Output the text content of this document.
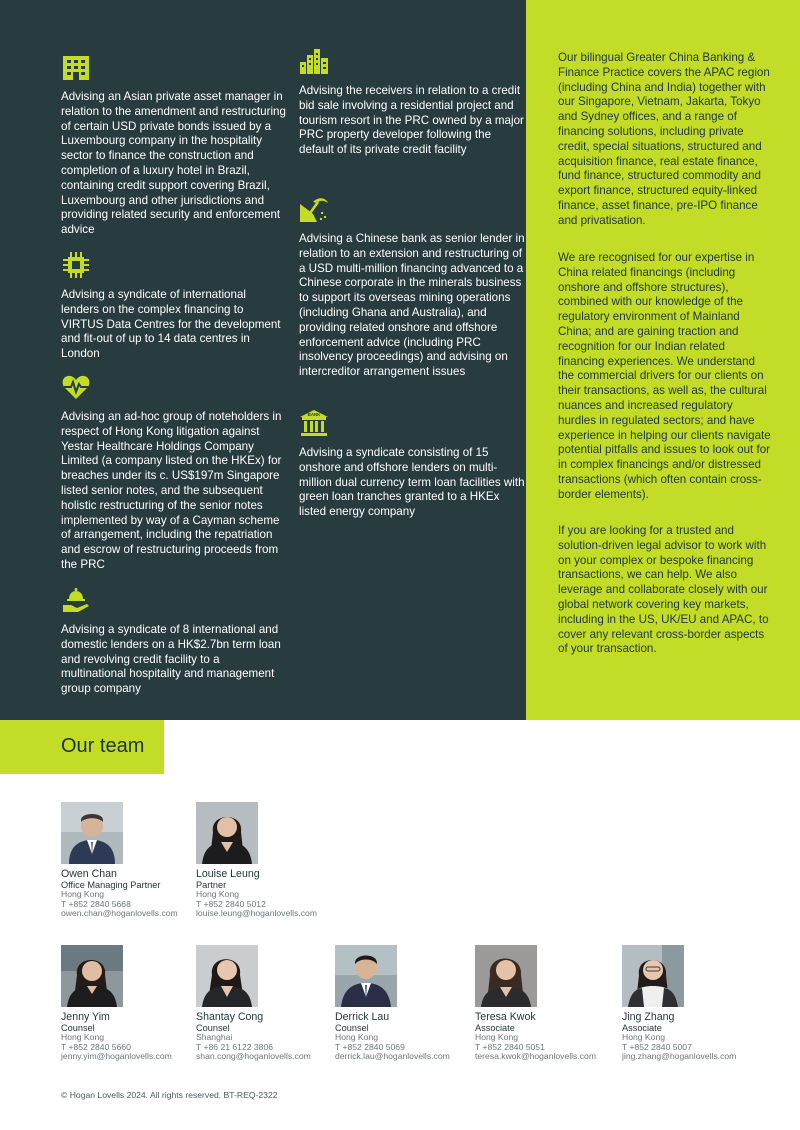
Advising an Asian private asset manager in relation to the amendment and restructuring of certain USD private bonds issued by a Luxembourg company in the hospitality sector to finance the construction and completion of a luxury hotel in Brazil, containing credit support covering Brazil, Luxembourg and other jurisdictions and providing related security and enforcement advice

Advising a syndicate of international lenders on the complex financing to VIRTUS Data Centres for the development and fit-out of up to 14 data centres in London

Advising an ad-hoc group of noteholders in respect of Hong Kong litigation against Yestar Healthcare Holdings Company Limited (a company listed on the HKEx) for breaches under its c. US$197m Singapore listed senior notes, and the subsequent holistic restructuring of the senior notes implemented by way of a Cayman scheme of arrangement, including the repatriation and escrow of restructuring proceeds from the PRC

Advising a syndicate of 8 international and domestic lenders on a HK$2.7bn term loan and revolving credit facility to a multinational hospitality and management group company

Advising the receivers in relation to a credit bid sale involving a residential project and tourism resort in the PRC owned by a major PRC property developer following the default of its private credit facility

Advising a Chinese bank as senior lender in relation to an extension and restructuring of a USD multi-million financing advanced to a Chinese corporate in the minerals business to support its overseas mining operations (including Ghana and Australia), and providing related onshore and offshore enforcement advice (including PRC insolvency proceedings) and advising on intercreditor arrangement issues

BANK

Advising a syndicate consisting of 15 onshore and offshore lenders on multi-million dual currency term loan facilities with green loan tranches granted to a HKEx listed energy company

Our bilingual Greater China Banking & Finance Practice covers the APAC region (including China and India) together with our Singapore, Vietnam, Jakarta, Tokyo and Sydney offices, and a range of financing solutions, including private credit, special situations, structured and acquisition finance, real estate finance, fund finance, structured commodity and export finance, structured equity-linked finance, asset finance, pre-IPO finance and privatisation.

We are recognised for our expertise in China related financings (including onshore and offshore structures), combined with our knowledge of the regulatory environment of Mainland China; and are gaining traction and recognition for our Indian related financing experiences. We understand the commercial drivers for our clients on their transactions, as well as, the cultural nuances and increased regulatory hurdles in regulated sectors; and have experience in helping our clients navigate potential pitfalls and issues to look out for in complex financings and/or distressed transactions (which often contain cross-border elements).

If you are looking for a trusted and solution-driven legal advisor to work with on your complex or bespoke financing transactions, we can help. We also leverage and collaborate closely with our global network covering key markets, including in the US, UK/EU and APAC, to cover any relevant cross-border aspects of your transaction.

Our team
Owen Chan
Office Managing Partner
Hong Kong
T +852 2840 5668
owen.chan@hoganlovells.com
Louise Leung
Partner
Hong Kong
T +852 2840 5012
louise.leung@hoganlovells.com
Jenny Yim
Counsel
Hong Kong
T +852 2840 5660
jenny.yim@hoganlovells.com
Shantay Cong
Counsel
Shanghai
T +86 21 6122 3806
shan.cong@hoganlovells.com
Derrick Lau
Counsel
Hong Kong
T +852 2840 5069
derrick.lau@hoganlovells.com
Teresa Kwok
Associate
Hong Kong
T +852 2840 5051
teresa.kwok@hoganlovells.com
Jing Zhang
Associate
Hong Kong
T +852 2840 5007
jing.zhang@hoganlovells.com
© Hogan Lovells 2024. All rights reserved. BT-REQ-2322
